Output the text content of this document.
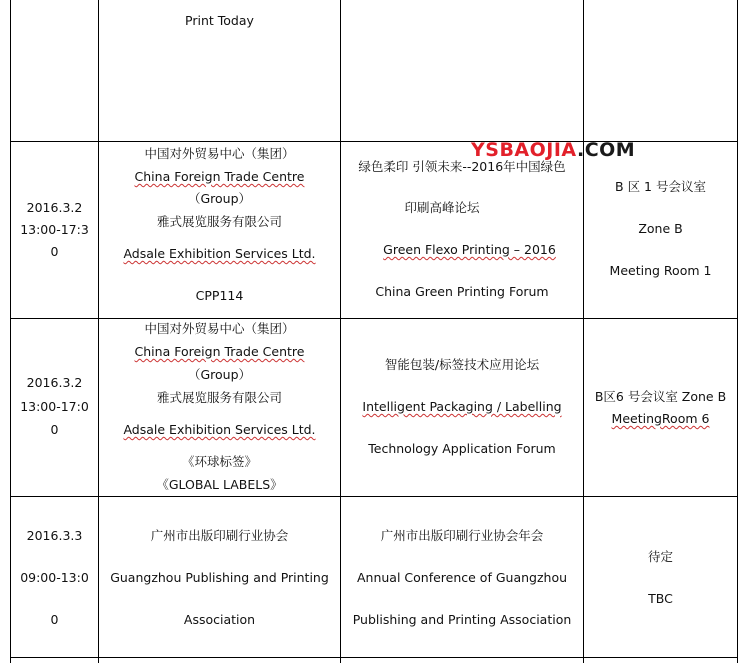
Print Today
2016.3.2
13:00-17:3
0
中国对外贸易中心（集团）
China Foreign Trade Centre
（Group）
雅式展览服务有限公司
Adsale Exhibition Services Ltd.
CPP114
绿色柔印 引领未来--2016年中国绿色
印刷高峰论坛
Green Flexo Printing – 2016
China Green Printing Forum
B 区 1 号会议室
Zone B
Meeting Room 1
2016.3.2
13:00-17:0
0
中国对外贸易中心（集团）
China Foreign Trade Centre
（Group）
雅式展览服务有限公司
Adsale Exhibition Services Ltd.
《环球标签》
《GLOBAL LABELS》
智能包装/标签技术应用论坛
Intelligent Packaging / Labelling
Technology Application Forum
B区6 号会议室 Zone B
MeetingRoom 6
2016.3.3
09:00-13:0
0
广州市出版印刷行业协会
Guangzhou Publishing and Printing
Association
广州市出版印刷行业协会年会
Annual Conference of Guangzhou
Publishing and Printing Association
待定
TBC
YSBAOJIA.COM
